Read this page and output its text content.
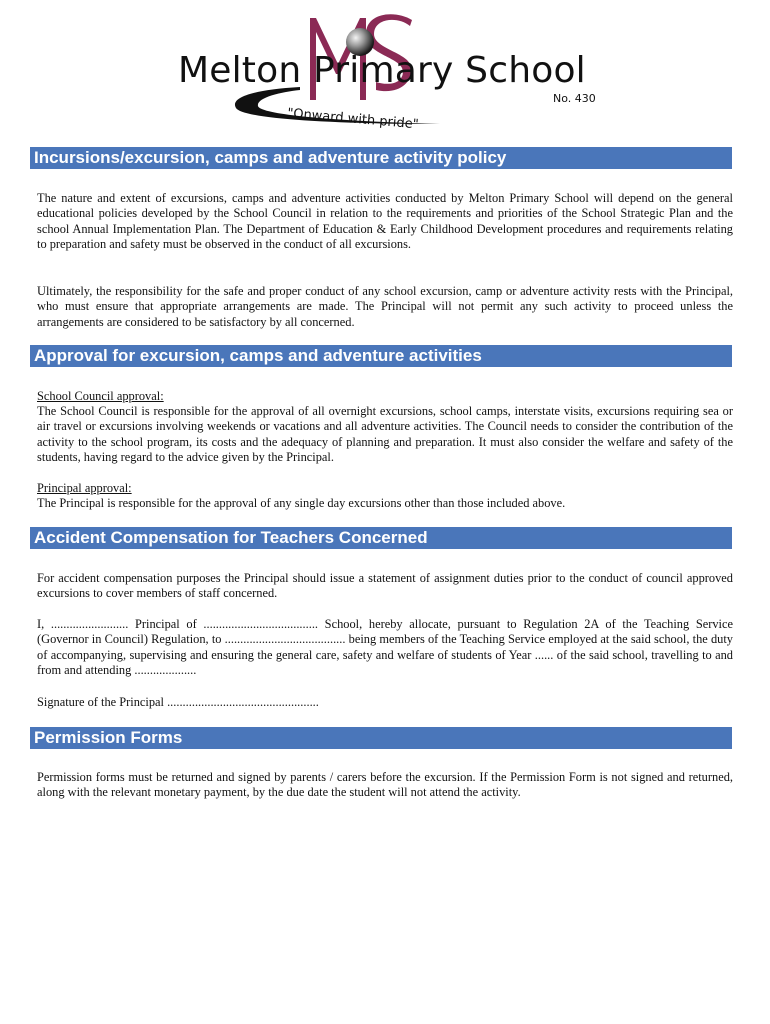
Melton Primary School
No. 430
"Onward with pride"
Incursions/excursion, camps and adventure activity policy

The nature and extent of excursions, camps and adventure activities conducted by Melton Primary School will depend on the general educational policies developed by the School Council in relation to the requirements and priorities of the School Strategic Plan and the school Annual Implementation Plan. The Department of Education & Early Childhood Development procedures and requirements relating to preparation and safety must be observed in the conduct of all excursions.

Ultimately, the responsibility for the safe and proper conduct of any school excursion, camp or adventure activity rests with the Principal, who must ensure that appropriate arrangements are made. The Principal will not permit any such activity to proceed unless the arrangements are considered to be satisfactory by all concerned.

Approval for excursion, camps and adventure activities

School Council approval:

The School Council is responsible for the approval of all overnight excursions, school camps, interstate visits, excursions requiring sea or air travel or excursions involving weekends or vacations and all adventure activities. The Council needs to consider the contribution of the activity to the school program, its costs and the adequacy of planning and preparation. It must also consider the welfare and safety of the students, having regard to the advice given by the Principal.

Principal approval:

The Principal is responsible for the approval of any single day excursions other than those included above.

Accident Compensation for Teachers Concerned

For accident compensation purposes the Principal should issue a statement of assignment duties prior to the conduct of council approved excursions to cover members of staff concerned.

I, ......................... Principal of ..................................... School, hereby allocate, pursuant to Regulation 2A of the Teaching Service (Governor in Council) Regulation, to ....................................... being members of the Teaching Service employed at the said school, the duty of accompanying, supervising and ensuring the general care, safety and welfare of students of Year ...... of the said school, travelling to and from and attending ....................

Signature of the Principal .................................................

Permission Forms

Permission forms must be returned and signed by parents / carers before the excursion. If the Permission Form is not signed and returned, along with the relevant monetary payment, by the due date the student will not attend the activity.
